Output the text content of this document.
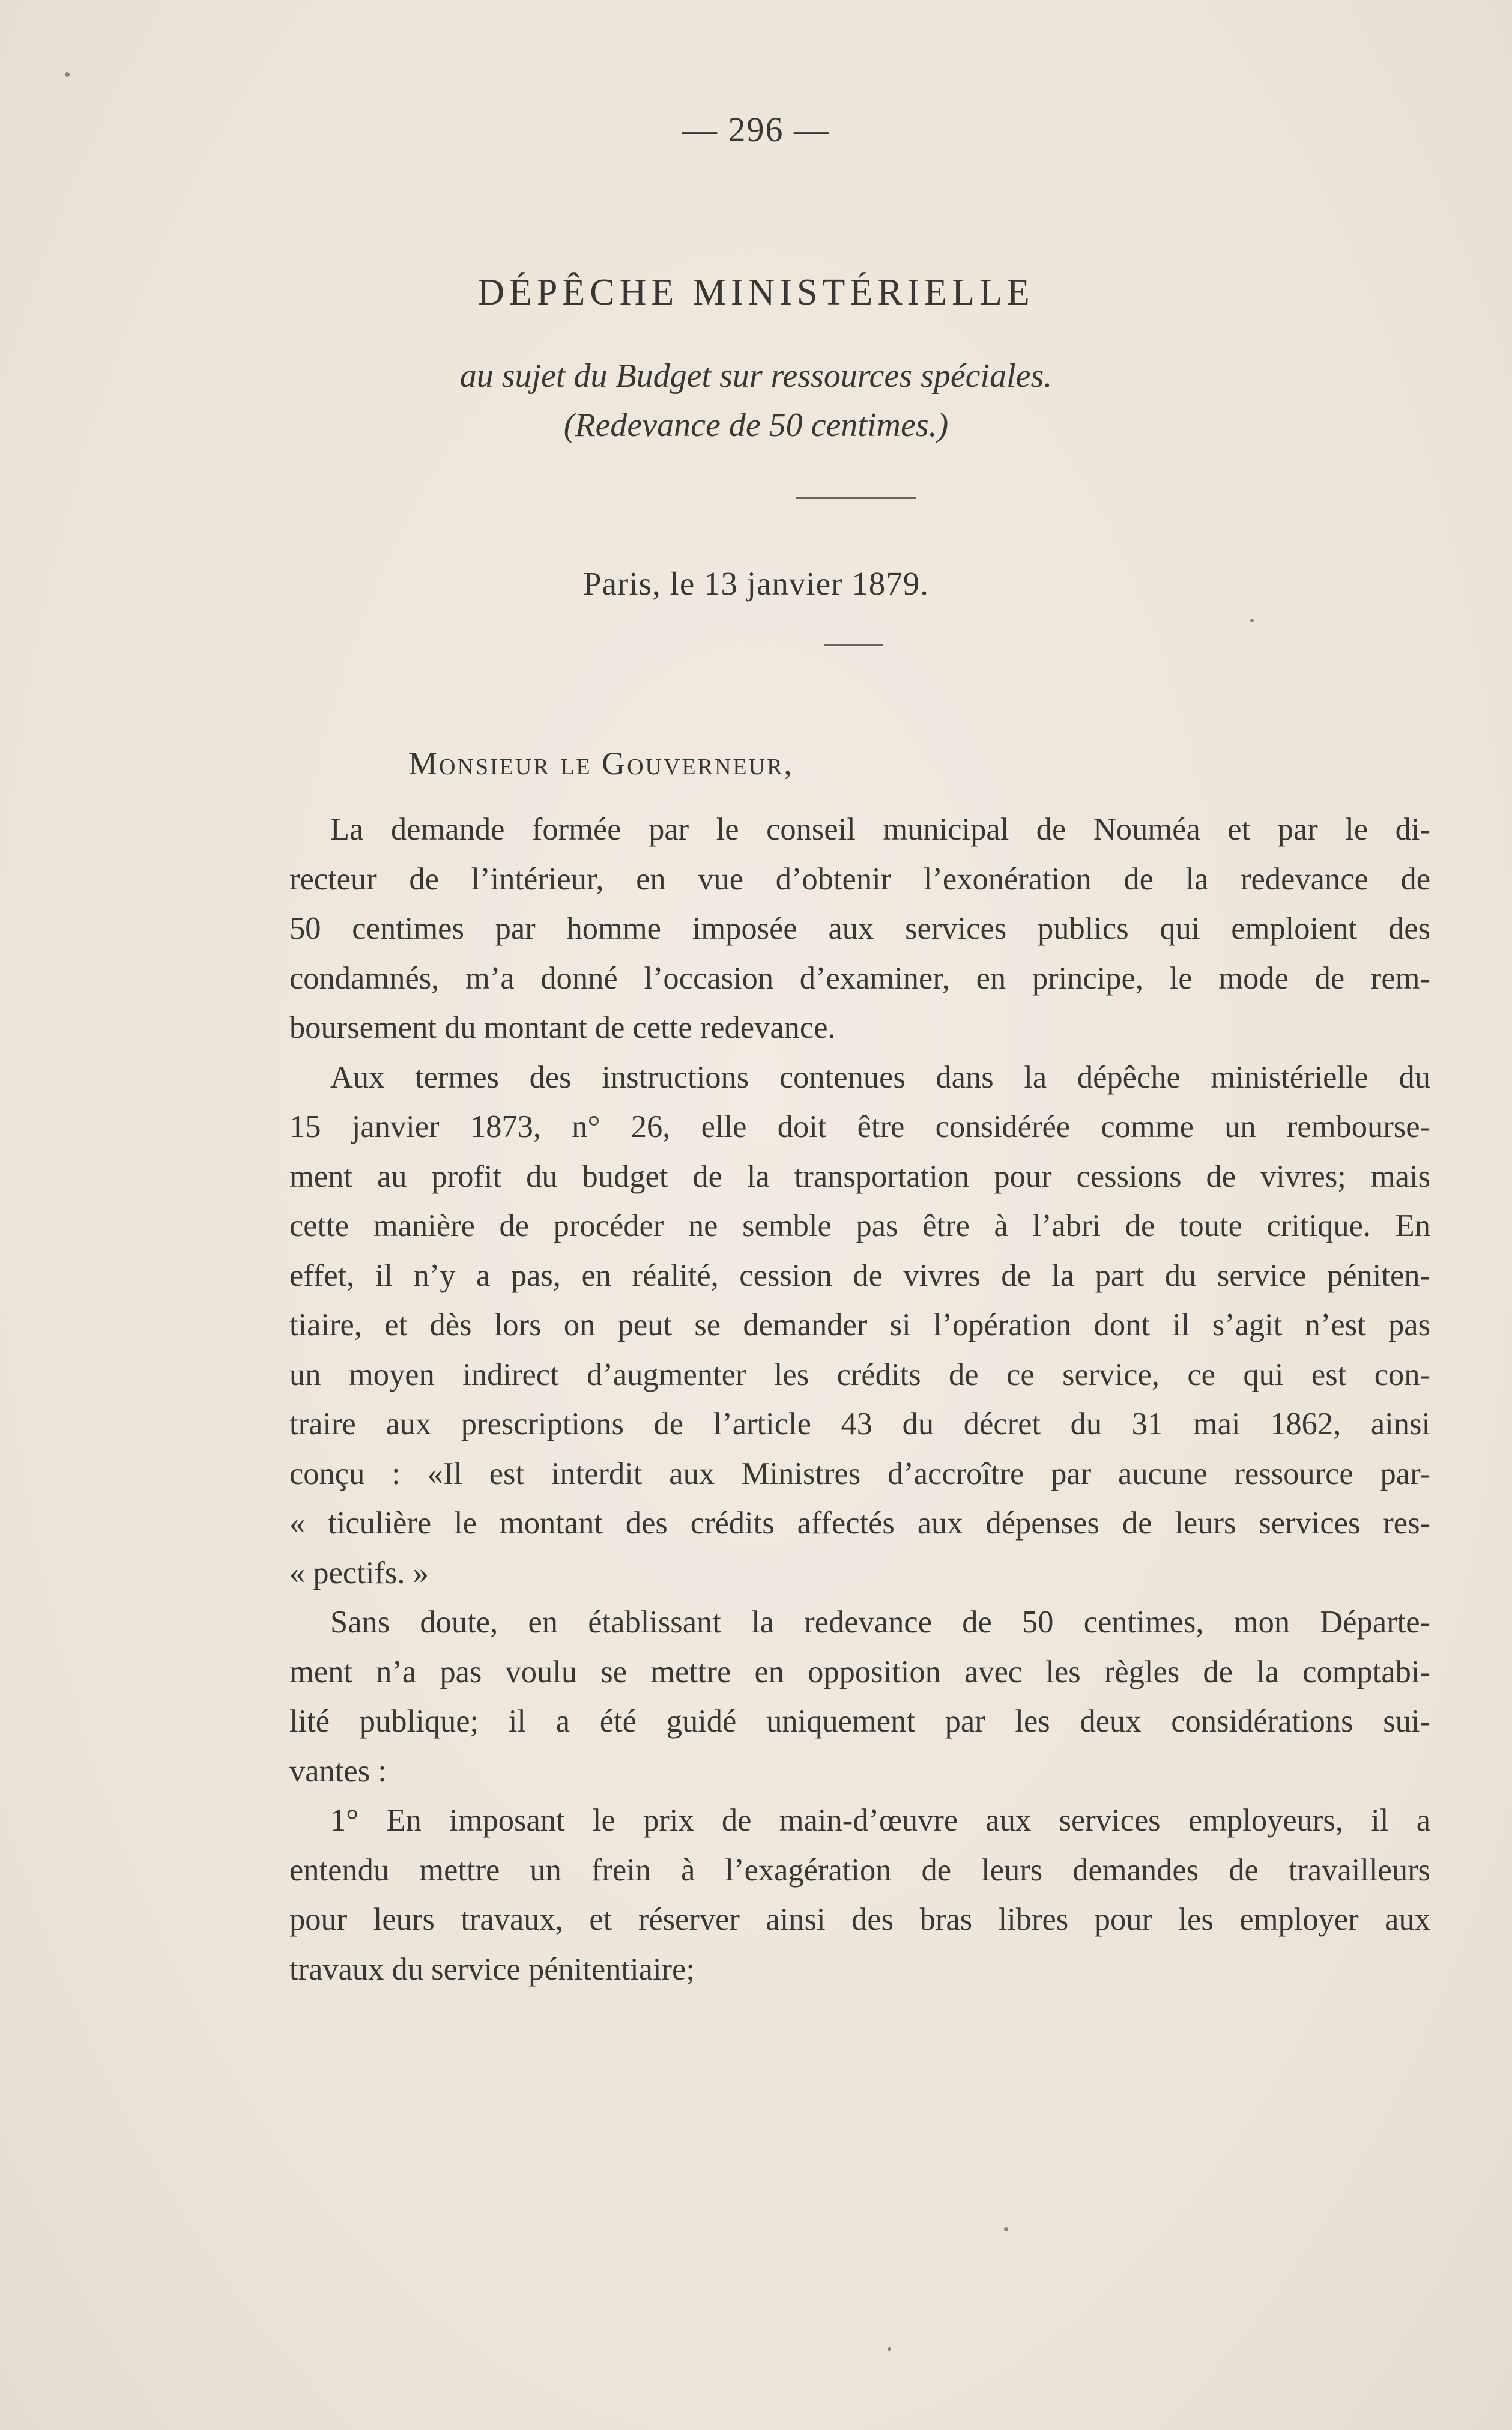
— 296 —
DÉPÊCHE MINISTÉRIELLE
au sujet du Budget sur ressources spéciales.
(Redevance de 50 centimes.)
Paris, le 13 janvier 1879.
Monsieur le Gouverneur,
La demande formée par le conseil municipal de Nouméa et par le di-
recteur de l’intérieur, en vue d’obtenir l’exonération de la redevance de
50 centimes par homme imposée aux services publics qui emploient des
condamnés, m’a donné l’occasion d’examiner, en principe, le mode de rem-
boursement du montant de cette redevance.
Aux termes des instructions contenues dans la dépêche ministérielle du
15 janvier 1873, n° 26, elle doit être considérée comme un rembourse-
ment au profit du budget de la transportation pour cessions de vivres; mais
cette manière de procéder ne semble pas être à l’abri de toute critique. En
effet, il n’y a pas, en réalité, cession de vivres de la part du service péniten-
tiaire, et dès lors on peut se demander si l’opération dont il s’agit n’est pas
un moyen indirect d’augmenter les crédits de ce service, ce qui est con-
traire aux prescriptions de l’article 43 du décret du 31 mai 1862, ainsi
conçu : «Il est interdit aux Ministres d’accroître par aucune ressource par-
« ticulière le montant des crédits affectés aux dépenses de leurs services res-
« pectifs. »
Sans doute, en établissant la redevance de 50 centimes, mon Départe-
ment n’a pas voulu se mettre en opposition avec les règles de la comptabi-
lité publique; il a été guidé uniquement par les deux considérations sui-
vantes :
1° En imposant le prix de main-d’œuvre aux services employeurs, il a
entendu mettre un frein à l’exagération de leurs demandes de travailleurs
pour leurs travaux, et réserver ainsi des bras libres pour les employer aux
travaux du service pénitentiaire;
